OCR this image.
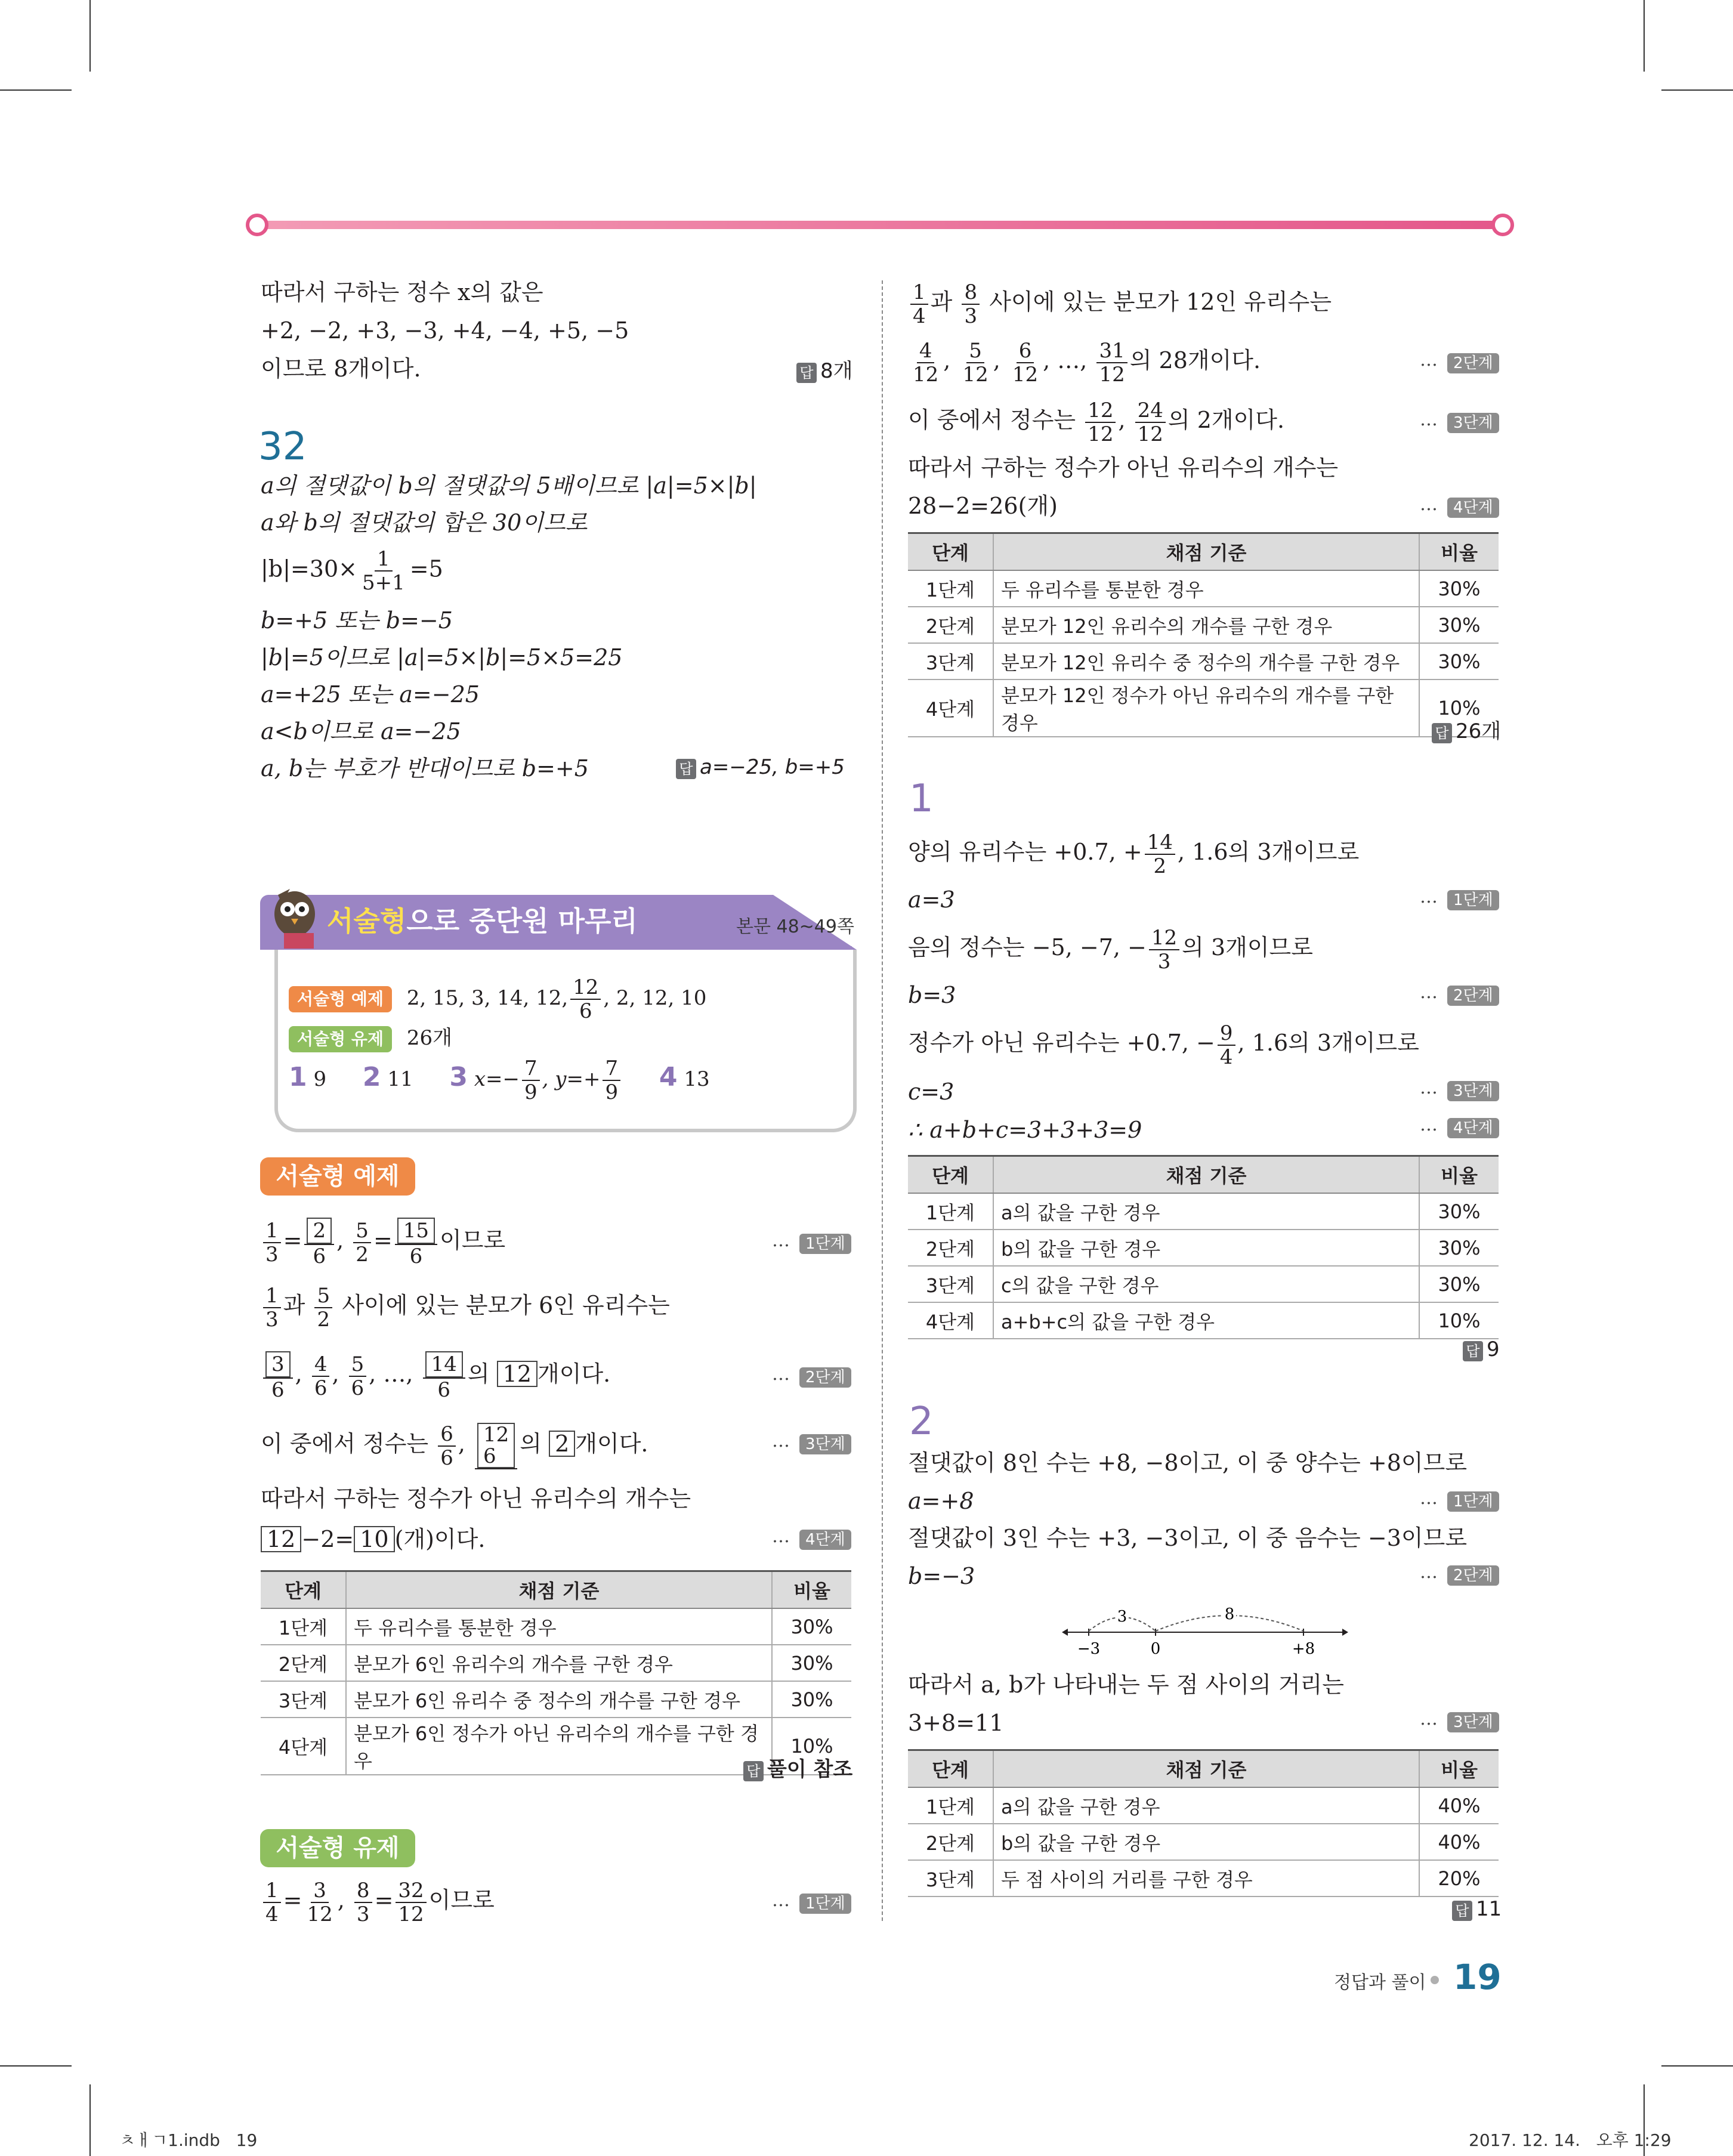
따라서 구하는 정수 x의 값은
+2, −2, +3, −3, +4, −4, +5, −5
이므로 8개이다.	답 8개
32
a의 절댓값이 b의 절댓값의 5배이므로 |a|=5×|b|
a와 b의 절댓값의 합은 30이므로
$|b|=30\times \frac{1}{5+1} =5$
b=+5 또는 b=−5
|b|=5이므로 |a|=5×|b|=5×5=25
a=+25 또는 a=−25
a<b이므로 a=−25
a, b는 부호가 반대이므로 b=+5	답 a=−25, b=+5
서술형으로 중단원 마무리	본문 48~49쪽
서술형 예제 2, 15, 3, 14, 12, $\frac{12}{6}$ , 2, 12, 10
서술형 유제 26개
1 9 2 11 3 $x=- \frac{7}{9}$ , $y=+ \frac{7}{9} 4$ 13
서술형 예제
$\frac{1}{3} = \frac{2}{6}$ , $\frac{5}{2} = \frac{15}{6}$ 이므로	…	1단계
$\frac{1}{3}$ 과 $\frac{5}{2}$ 사이에 있는 분모가 6인 유리수는
$\frac{3}{6}$ , $\frac{4}{6}$ , $\frac{5}{6}$ , …, $\frac{14}{6}$ 의 12 개이다.	…	2단계
이 중에서 정수는 $\frac{6}{6}$ , 12
6	의 2 개이다.	…	3단계
따라서 구하는 정수가 아닌 유리수의 개수는
12 −2= 10 (개)이다.	…	4단계
단계	채점 기준	비율
1단계	두 유리수를 통분한 경우	30%
2단계	분모가 6인 유리수의 개수를 구한 경우	30%
3단계	분모가 6인 유리수 중 정수의 개수를 구한 경우	30%
4단계	분모가 6인 정수가 아닌 유리수의 개수를 구한 경우	10%
답 풀이 참조
서술형 유제
$\frac{1}{4} = \frac{3}{12}$ , $\frac{8}{3} = \frac{32}{12}$ 이므로	…	1단계
$\frac{1}{4}$ 과 $\frac{8}{3}$ 사이에 있는 분모가 12인 유리수는
$\frac{4}{12}$ , $\frac{5}{12}$ , $\frac{6}{12}$ , …, $\frac{31}{12}$ 의 28개이다.	…	2단계
이 중에서 정수는 $\frac{12}{12}$ , $\frac{24}{12}$ 의 2개이다.	…	3단계
따라서 구하는 정수가 아닌 유리수의 개수는
28−2=26(개)	…	4단계
단계	채점 기준	비율
1단계	두 유리수를 통분한 경우	30%
2단계	분모가 12인 유리수의 개수를 구한 경우	30%
3단계	분모가 12인 유리수 중 정수의 개수를 구한 경우	30%
4단계	분모가 12인 정수가 아닌 유리수의 개수를 구한 경우	10%
답 26개
1
양의 유리수는 +0.7, + $\frac{14}{2}$ , 1.6의 3개이므로
a=3	…	1단계
음의 정수는 −5, −7, − $\frac{12}{3}$ 의 3개이므로
b=3	…	2단계
정수가 아닌 유리수는 +0.7, − $\frac{9}{4}$ , 1.6의 3개이므로
c=3	…	3단계
∴ a+b+c=3+3+3=9	…	4단계
단계	채점 기준	비율
1단계	a의 값을 구한 경우	30%
2단계	b의 값을 구한 경우	30%
3단계	c의 값을 구한 경우	30%
4단계	a+b+c의 값을 구한 경우	10%
답 9
2
절댓값이 8인 수는 +8, −8이고, 이 중 양수는 +8이므로
a=+8	…	1단계
절댓값이 3인 수는 +3, −3이고, 이 중 음수는 −3이므로
b=−3	…	2단계
3	8
−3	0	+8
따라서 a, b가 나타내는 두 점 사이의 거리는
3+8=11	…	3단계
단계	채점 기준	비율
1단계	a의 값을 구한 경우	40%
2단계	b의 값을 구한 경우	40%
3단계	두 점 사이의 거리를 구한 경우	20%
답 11
정답과 풀이 19
ㅊㅐㄱ1.indb   19	2017. 12. 14.   오후 1:29
